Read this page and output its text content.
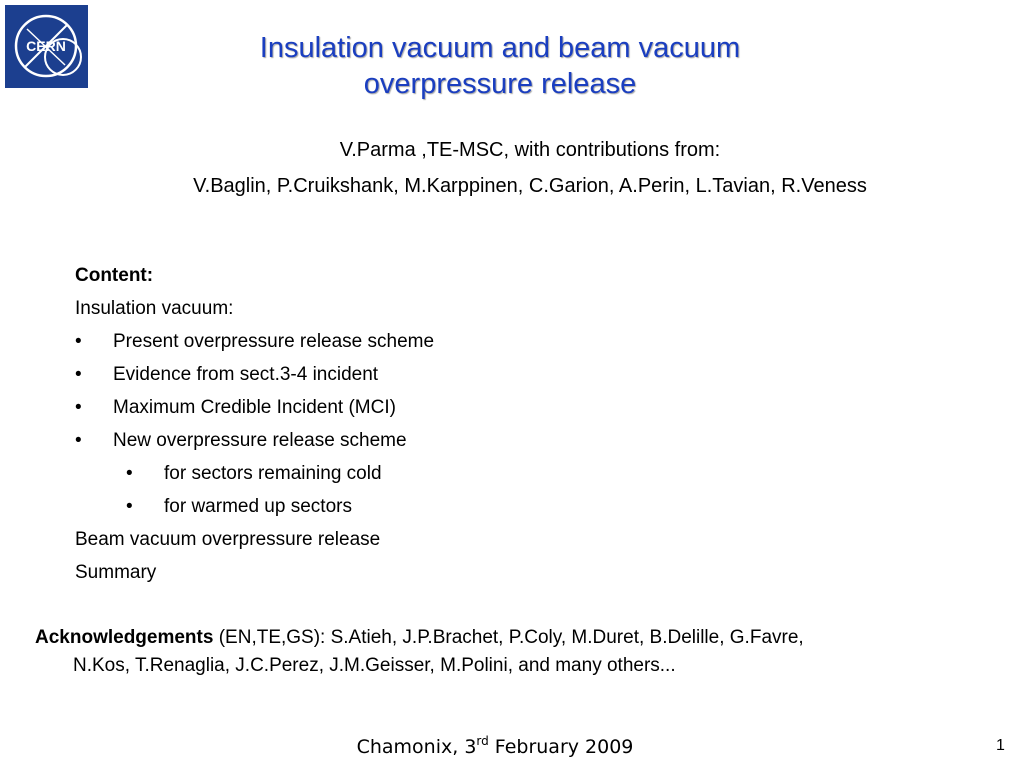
CERN	Insulation vacuum and beam vacuum
overpressure release
V.Parma ,TE-MSC, with contributions from:
V.Baglin, P.Cruikshank, M.Karppinen, C.Garion, A.Perin, L.Tavian, R.Veness
Content:
Insulation vacuum:
•	Present overpressure release scheme
•	Evidence from sect.3-4 incident
•	Maximum Credible Incident (MCI)
•	New overpressure release scheme
•	for sectors remaining cold
•	for warmed up sectors
Beam vacuum overpressure release
Summary
Acknowledgements (EN,TE,GS): S.Atieh, J.P.Brachet, P.Coly, M.Duret, B.Delille, G.Favre,
N.Kos, T.Renaglia, J.C.Perez, J.M.Geisser, M.Polini, and many others...
Chamonix, 3rd February 2009	1
